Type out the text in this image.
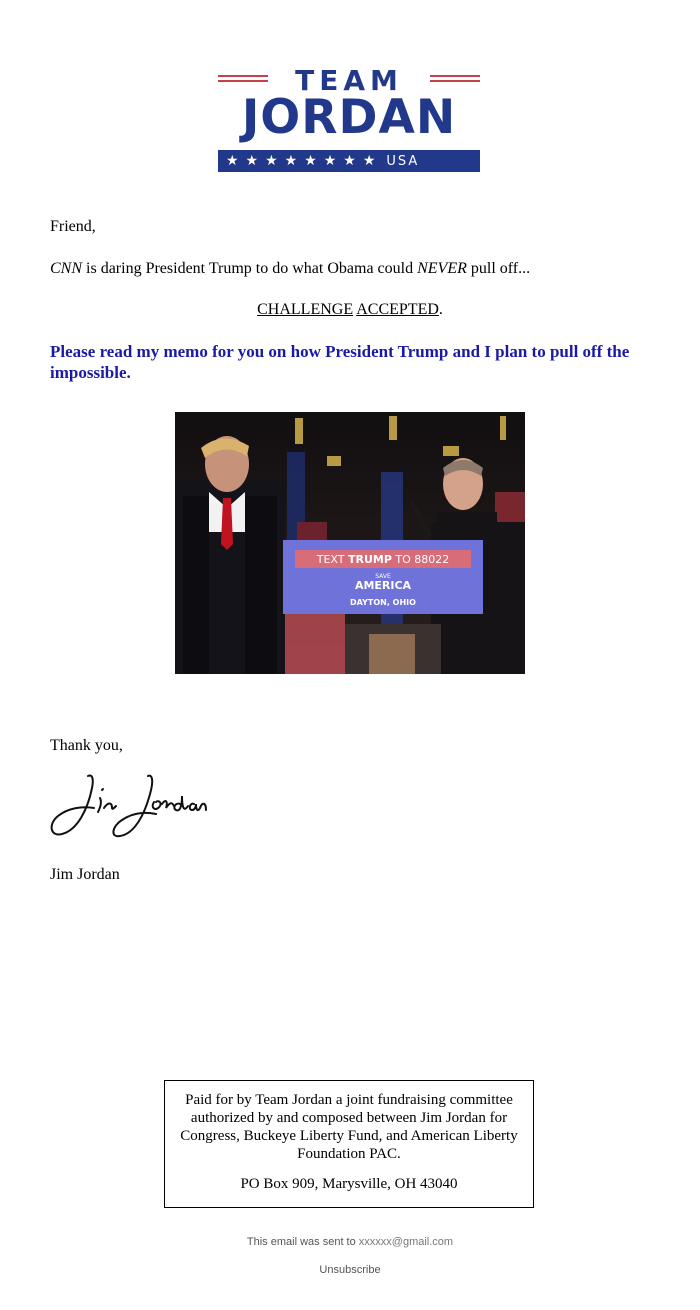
TEAM
JORDAN
★★★★★★★★ USA
Friend,
CNN is daring President Trump to do what Obama could NEVER pull off...
CHALLENGE ACCEPTED.
Please read my memo for you on how President Trump and I plan to pull off the impossible.
TEXT TRUMP TO 88022
SAVE
AMERICA
DAYTON, OHIO
Thank you,
Jim Jordan
Paid for by Team Jordan a joint fundraising committee authorized by and composed between Jim Jordan for Congress, Buckeye Liberty Fund, and American Liberty Foundation PAC.
PO Box 909, Marysville, OH 43040
This email was sent to xxxxxx@gmail.com
Unsubscribe
